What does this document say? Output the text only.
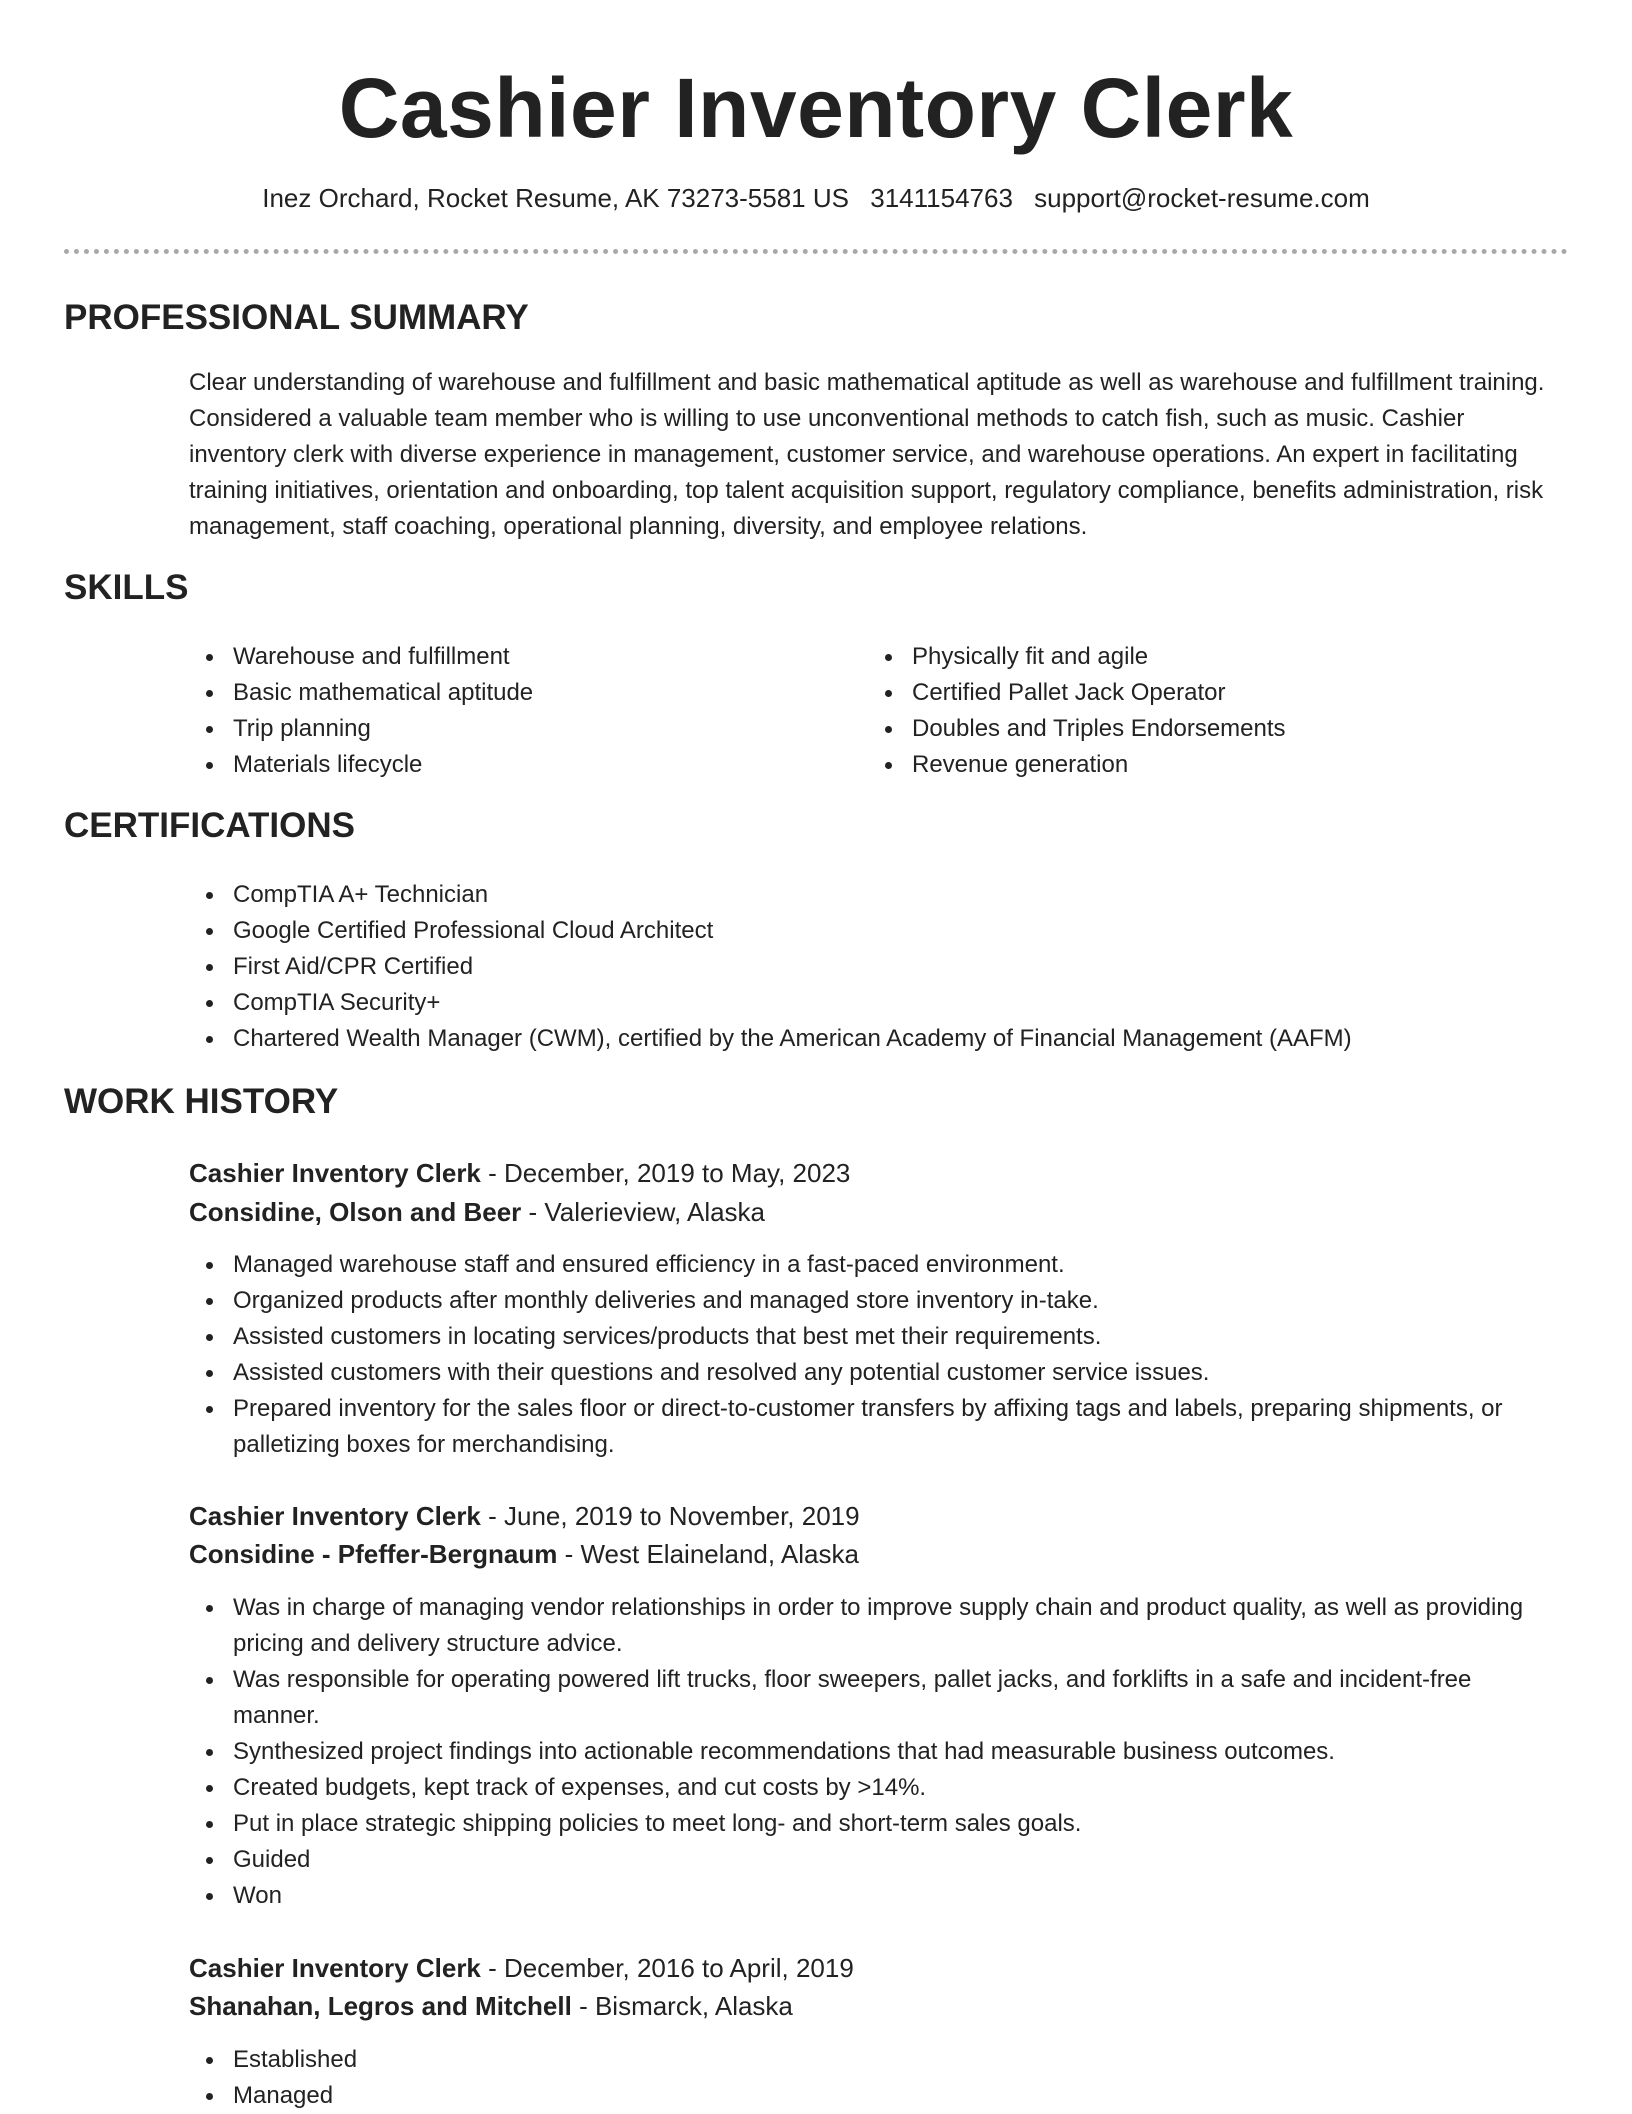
Cashier Inventory Clerk
Inez Orchard, Rocket Resume, AK 73273-5581 US 3141154763 support@rocket-resume.com
PROFESSIONAL SUMMARY

Clear understanding of warehouse and fulfillment and basic mathematical aptitude as well as warehouse and fulfillment training. Considered a valuable team member who is willing to use unconventional methods to catch fish, such as music. Cashier inventory clerk with diverse experience in management, customer service, and warehouse operations. An expert in facilitating training initiatives, orientation and onboarding, top talent acquisition support, regulatory compliance, benefits administration, risk management, staff coaching, operational planning, diversity, and employee relations.

SKILLS
Warehouse and fulfillment
Basic mathematical aptitude
Trip planning
Materials lifecycle
Physically fit and agile
Certified Pallet Jack Operator
Doubles and Triples Endorsements
Revenue generation
CERTIFICATIONS
CompTIA A+ Technician
Google Certified Professional Cloud Architect
First Aid/CPR Certified
CompTIA Security+
Chartered Wealth Manager (CWM), certified by the American Academy of Financial Management (AAFM)
WORK HISTORY
Cashier Inventory Clerk - December, 2019 to May, 2023
Considine, Olson and Beer - Valerieview, Alaska
Managed warehouse staff and ensured efficiency in a fast-paced environment.
Organized products after monthly deliveries and managed store inventory in-take.
Assisted customers in locating services/products that best met their requirements.
Assisted customers with their questions and resolved any potential customer service issues.
Prepared inventory for the sales floor or direct-to-customer transfers by affixing tags and labels, preparing shipments, or palletizing boxes for merchandising.
Cashier Inventory Clerk - June, 2019 to November, 2019
Considine - Pfeffer-Bergnaum - West Elaineland, Alaska
Was in charge of managing vendor relationships in order to improve supply chain and product quality, as well as providing pricing and delivery structure advice.
Was responsible for operating powered lift trucks, floor sweepers, pallet jacks, and forklifts in a safe and incident-free manner.
Synthesized project findings into actionable recommendations that had measurable business outcomes.
Created budgets, kept track of expenses, and cut costs by >14%.
Put in place strategic shipping policies to meet long- and short-term sales goals.
Guided
Won
Cashier Inventory Clerk - December, 2016 to April, 2019
Shanahan, Legros and Mitchell - Bismarck, Alaska
Established
Managed
